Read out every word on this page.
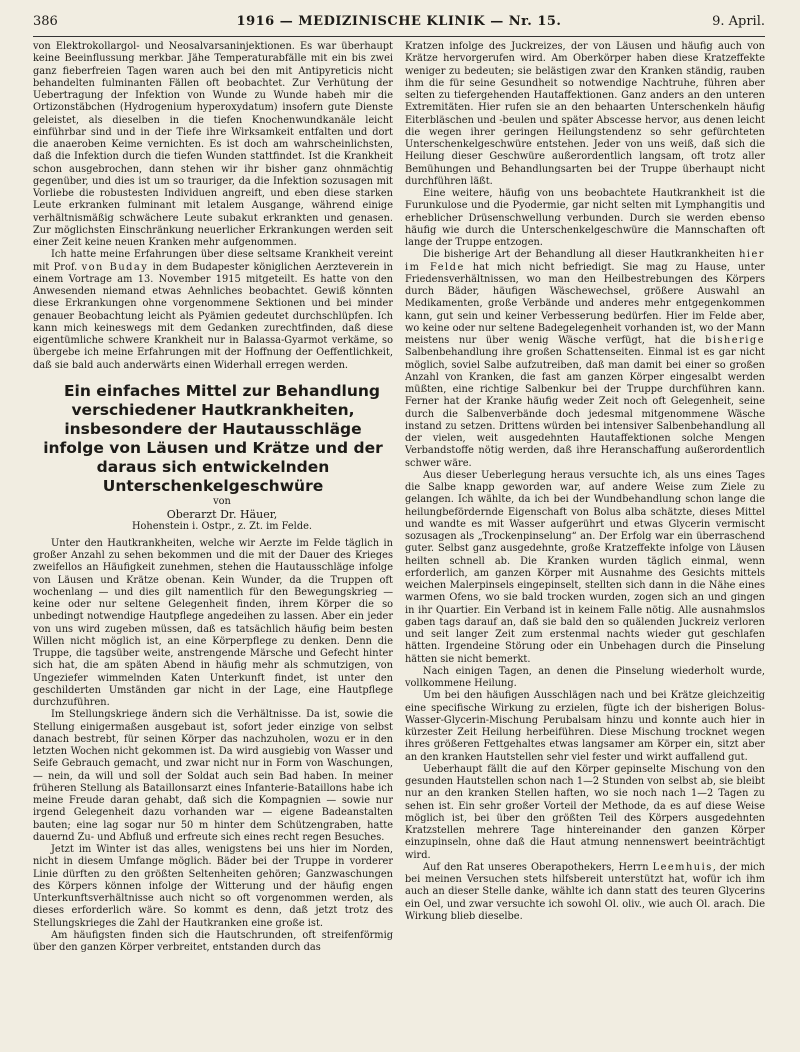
386	1916 — MEDIZINISCHE KLINIK — Nr. 15.	9. April.

von Elektrokollargol- und Neosalvarsaninjektionen. Es war überhaupt keine Beeinflussung merkbar. Jähe Temperaturabfälle mit ein bis zwei ganz fieberfreien Tagen waren auch bei den mit Antipyreticis nicht behandelten fulminanten Fällen oft beobachtet. Zur Verhütung der Uebertragung der Infektion von Wunde zu Wunde habeh mir die Ortizonstäbchen (Hydrogenium hyperoxydatum) insofern gute Dienste geleistet, als dieselben in die tiefen Knochenwundkanäle leicht einführbar sind und in der Tiefe ihre Wirksamkeit entfalten und dort die anaeroben Keime vernichten. Es ist doch am wahrscheinlichsten, daß die Infektion durch die tiefen Wunden stattfindet. Ist die Krankheit schon ausgebrochen, dann stehen wir ihr bisher ganz ohnmächtig gegenüber, und dies ist um so trauriger, da die Infektion sozusagen mit Vorliebe die robustesten Individuen angreift, und eben diese starken Leute erkranken fulminant mit letalem Ausgange, während einige verhältnismäßig schwächere Leute subakut erkrankten und genasen. Zur möglichsten Einschränkung neuerlicher Erkrankungen werden seit einer Zeit keine neuen Kranken mehr aufgenommen.

Ich hatte meine Erfahrungen über diese seltsame Krankheit vereint mit Prof. von Buday in dem Budapester königlichen Aerzteverein in einem Vortrage am 13. November 1915 mitgeteilt. Es hatte von den Anwesenden niemand etwas Aehnliches beobachtet. Gewiß könnten diese Erkrankungen ohne vorgenommene Sektionen und bei minder genauer Beobachtung leicht als Pyämien gedeutet durchschlüpfen. Ich kann mich keineswegs mit dem Gedanken zurechtfinden, daß diese eigentümliche schwere Krankheit nur in Balassa-Gyarmot verkäme, so übergebe ich meine Erfahrungen mit der Hoffnung der Oeffentlichkeit, daß sie bald auch anderwärts einen Widerhall erregen werden.

Ein einfaches Mittel zur Behandlung verschiedener Hautkrankheiten, insbesondere der Hautausschläge infolge von Läusen und Krätze und der daraus sich entwickelnden Unterschenkelgeschwüre

von

Oberarzt Dr. Häuer,

Hohenstein i. Ostpr., z. Zt. im Felde.

Unter den Hautkrankheiten, welche wir Aerzte im Felde täglich in großer Anzahl zu sehen bekommen und die mit der Dauer des Krieges zweifellos an Häufigkeit zunehmen, stehen die Hautausschläge infolge von Läusen und Krätze obenan. Kein Wunder, da die Truppen oft wochenlang — und dies gilt namentlich für den Bewegungskrieg — keine oder nur seltene Gelegenheit finden, ihrem Körper die so unbedingt notwendige Hautpflege angedeihen zu lassen. Aber ein jeder von uns wird zugeben müssen, daß es tatsächlich häufig beim besten Willen nicht möglich ist, an eine Körperpflege zu denken. Denn die Truppe, die tagsüber weite, anstrengende Märsche und Gefecht hinter sich hat, die am späten Abend in häufig mehr als schmutzigen, von Ungeziefer wimmelnden Katen Unterkunft findet, ist unter den geschilderten Umständen gar nicht in der Lage, eine Hautpflege durchzuführen.

Im Stellungskriege ändern sich die Verhältnisse. Da ist, sowie die Stellung einigermaßen ausgebaut ist, sofort jeder einzige von selbst danach bestrebt, für seinen Körper das nachzuholen, wozu er in den letzten Wochen nicht gekommen ist. Da wird ausgiebig von Wasser und Seife Gebrauch gemacht, und zwar nicht nur in Form von Waschungen, — nein, da will und soll der Soldat auch sein Bad haben. In meiner früheren Stellung als Bataillonsarzt eines Infanterie-Bataillons habe ich meine Freude daran gehabt, daß sich die Kompagnien — sowie nur irgend Gelegenheit dazu vorhanden war — eigene Badeanstalten bauten; eine lag sogar nur 50 m hinter dem Schützengraben, hatte dauernd Zu- und Abfluß und erfreute sich eines recht regen Besuches.

Jetzt im Winter ist das alles, wenigstens bei uns hier im Norden, nicht in diesem Umfange möglich. Bäder bei der Truppe in vorderer Linie dürften zu den größten Seltenheiten gehören; Ganzwaschungen des Körpers können infolge der Witterung und der häufig engen Unterkunftsverhältnisse auch nicht so oft vorgenommen werden, als dieses erforderlich wäre. So kommt es denn, daß jetzt trotz des Stellungskrieges die Zahl der Hautkranken eine große ist.

Am häufigsten finden sich die Hautschrunden, oft streifenförmig über den ganzen Körper verbreitet, entstanden durch das

Kratzen infolge des Juckreizes, der von Läusen und häufig auch von Krätze hervorgerufen wird. Am Oberkörper haben diese Kratzeffekte weniger zu bedeuten; sie belästigen zwar den Kranken ständig, rauben ihm die für seine Gesundheit so notwendige Nachtruhe, führen aber selten zu tiefergehenden Hautaffektionen. Ganz anders an den unteren Extremitäten. Hier rufen sie an den behaarten Unterschenkeln häufig Eiterbläschen und -beulen und später Abscesse hervor, aus denen leicht die wegen ihrer geringen Heilungstendenz so sehr gefürchteten Unterschenkelgeschwüre entstehen. Jeder von uns weiß, daß sich die Heilung dieser Geschwüre außerordentlich langsam, oft trotz aller Bemühungen und Behandlungsarten bei der Truppe überhaupt nicht durchführen läßt.

Eine weitere, häufig von uns beobachtete Hautkrankheit ist die Furunkulose und die Pyodermie, gar nicht selten mit Lymphangitis und erheblicher Drüsenschwellung verbunden. Durch sie werden ebenso häufig wie durch die Unterschenkelgeschwüre die Mannschaften oft lange der Truppe entzogen.

Die bisherige Art der Behandlung all dieser Hautkrankheiten hier im Felde hat mich nicht befriedigt. Sie mag zu Hause, unter Friedensverhältnissen, wo man den Heilbestrebungen des Körpers durch Bäder, häufigen Wäschewechsel, größere Auswahl an Medikamenten, große Verbände und anderes mehr entgegenkommen kann, gut sein und keiner Verbesserung bedürfen. Hier im Felde aber, wo keine oder nur seltene Badegelegenheit vorhanden ist, wo der Mann meistens nur über wenig Wäsche verfügt, hat die bisherige Salbenbehandlung ihre großen Schattenseiten. Einmal ist es gar nicht möglich, soviel Salbe aufzutreiben, daß man damit bei einer so großen Anzahl von Kranken, die fast am ganzen Körper eingesalbt werden müßten, eine richtige Salbenkur bei der Truppe durchführen kann. Ferner hat der Kranke häufig weder Zeit noch oft Gelegenheit, seine durch die Salbenverbände doch jedesmal mitgenommene Wäsche instand zu setzen. Drittens würden bei intensiver Salbenbehandlung all der vielen, weit ausgedehnten Hautaffektionen solche Mengen Verbandstoffe nötig werden, daß ihre Heranschaffung außerordentlich schwer wäre.

Aus dieser Ueberlegung heraus versuchte ich, als uns eines Tages die Salbe knapp geworden war, auf andere Weise zum Ziele zu gelangen. Ich wählte, da ich bei der Wundbehandlung schon lange die heilungbefördernde Eigenschaft von Bolus alba schätzte, dieses Mittel und wandte es mit Wasser aufgerührt und etwas Glycerin vermischt sozusagen als „Trockenpinselung“ an. Der Erfolg war ein überraschend guter. Selbst ganz ausgedehnte, große Kratzeffekte infolge von Läusen heilten schnell ab. Die Kranken wurden täglich einmal, wenn erforderlich, am ganzen Körper mit Ausnahme des Gesichts mittels weichen Malerpinsels eingepinselt, stellten sich dann in die Nähe eines warmen Ofens, wo sie bald trocken wurden, zogen sich an und gingen in ihr Quartier. Ein Verband ist in keinem Falle nötig. Alle ausnahmslos gaben tags darauf an, daß sie bald den so quälenden Juckreiz verloren und seit langer Zeit zum erstenmal nachts wieder gut geschlafen hätten. Irgendeine Störung oder ein Unbehagen durch die Pinselung hätten sie nicht bemerkt.

Nach einigen Tagen, an denen die Pinselung wiederholt wurde, vollkommene Heilung.

Um bei den häufigen Ausschlägen nach und bei Krätze gleichzeitig eine specifische Wirkung zu erzielen, fügte ich der bisherigen Bolus-Wasser-Glycerin-Mischung Perubalsam hinzu und konnte auch hier in kürzester Zeit Heilung herbeiführen. Diese Mischung trocknet wegen ihres größeren Fettgehaltes etwas langsamer am Körper ein, sitzt aber an den kranken Hautstellen sehr viel fester und wirkt auffallend gut.

Ueberhaupt fällt die auf den Körper gepinselte Mischung von den gesunden Hautstellen schon nach 1—2 Stunden von selbst ab, sie bleibt nur an den kranken Stellen haften, wo sie noch nach 1—2 Tagen zu sehen ist. Ein sehr großer Vorteil der Methode, da es auf diese Weise möglich ist, bei über den größten Teil des Körpers ausgedehnten Kratzstellen mehrere Tage hintereinander den ganzen Körper einzupinseln, ohne daß die Haut atmung nennenswert beeinträchtigt wird.

Auf den Rat unseres Oberapothekers, Herrn Leemhuis, der mich bei meinen Versuchen stets hilfsbereit unterstützt hat, wofür ich ihm auch an dieser Stelle danke, wählte ich dann statt des teuren Glycerins ein Oel, und zwar versuchte ich sowohl Ol. oliv., wie auch Ol. arach. Die Wirkung blieb dieselbe.
